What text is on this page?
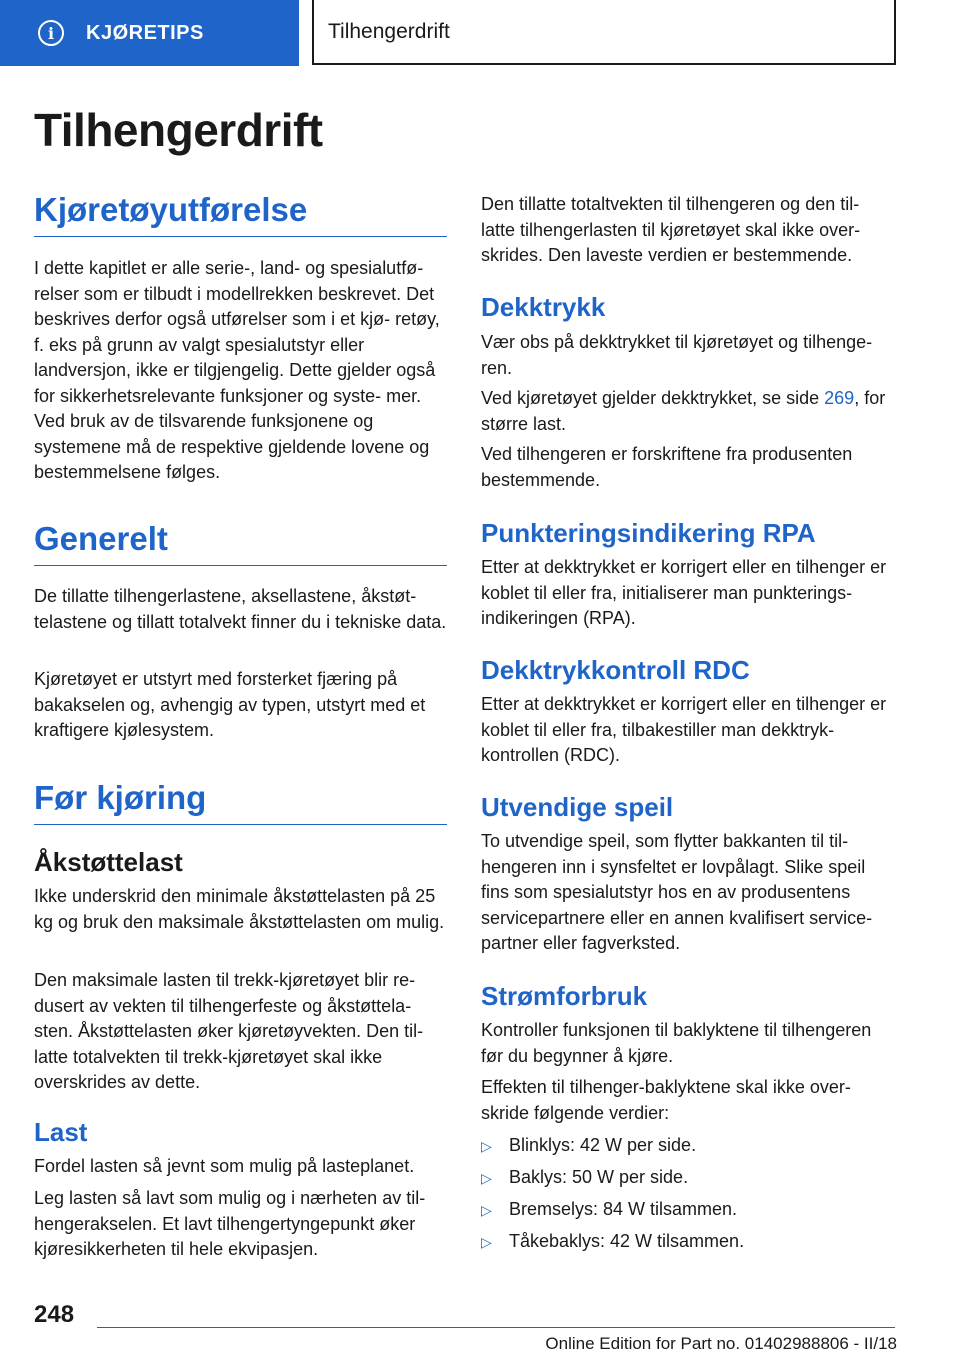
i	KJØRETIPS	Tilhengerdrift
Tilhengerdrift
Kjøretøyutførelse

I dette kapitlet er alle serie-, land- og spesialutfø‐ relser som er tilbudt i modellrekken beskrevet. Det beskrives derfor også utførelser som i et kjø‐ retøy, f. eks på grunn av valgt spesialutstyr eller landversjon, ikke er tilgjengelig. Dette gjelder også for sikkerhetsrelevante funksjoner og syste‐ mer. Ved bruk av de tilsvarende funksjonene og systemene må de respektive gjeldende lovene og bestemmelsene følges.

Generelt

De tillatte tilhengerlastene, aksellastene, åkstøt‐ telastene og tillatt totalvekt finner du i tekniske data.

Kjøretøyet er utstyrt med forsterket fjæring på bakakselen og, avhengig av typen, utstyrt med et kraftigere kjølesystem.

Før kjøring
Åkstøttelast

Ikke underskrid den minimale åkstøttelasten på 25 kg og bruk den maksimale åkstøttelasten om mulig.

Den maksimale lasten til trekk-kjøretøyet blir re‐ dusert av vekten til tilhengerfeste og åkstøttela‐ sten. Åkstøttelasten øker kjøretøyvekten. Den til‐ latte totalvekten til trekk-kjøretøyet skal ikke overskrides av dette.

Last

Fordel lasten så jevnt som mulig på lasteplanet.

Leg lasten så lavt som mulig og i nærheten av til‐ hengerakselen. Et lavt tilhengertyngepunkt øker kjøresikkerheten til hele ekvipasjen.

Den tillatte totaltvekten til tilhengeren og den til‐ latte tilhengerlasten til kjøretøyet skal ikke over‐ skrides. Den laveste verdien er bestemmende.

Dekktrykk

Vær obs på dekktrykket til kjøretøyet og tilhenge‐ ren.

Ved kjøretøyet gjelder dekktrykket, se side 269, for større last.

Ved tilhengeren er forskriftene fra produsenten bestemmende.

Punkteringsindikering RPA

Etter at dekktrykket er korrigert eller en tilhenger er koblet til eller fra, initialiserer man punkterings‐ indikeringen (RPA).

Dekktrykkontroll RDC

Etter at dekktrykket er korrigert eller en tilhenger er koblet til eller fra, tilbakestiller man dekktryk‐ kontrollen (RDC).

Utvendige speil

To utvendige speil, som flytter bakkanten til til‐ hengeren inn i synsfeltet er lovpålagt. Slike speil fins som spesialutstyr hos en av produsentens servicepartnere eller en annen kvalifisert service‐ partner eller fagverksted.

Strømforbruk

Kontroller funksjonen til baklyktene til tilhengeren før du begynner å kjøre.

Effekten til tilhenger-baklyktene skal ikke over‐ skride følgende verdier:

▷ Blinklys: 42 W per side.
▷ Baklys: 50 W per side.
▷ Bremselys: 84 W tilsammen.
▷ Tåkebaklys: 42 W tilsammen.
248
Online Edition for Part no. 01402988806 - II/18
